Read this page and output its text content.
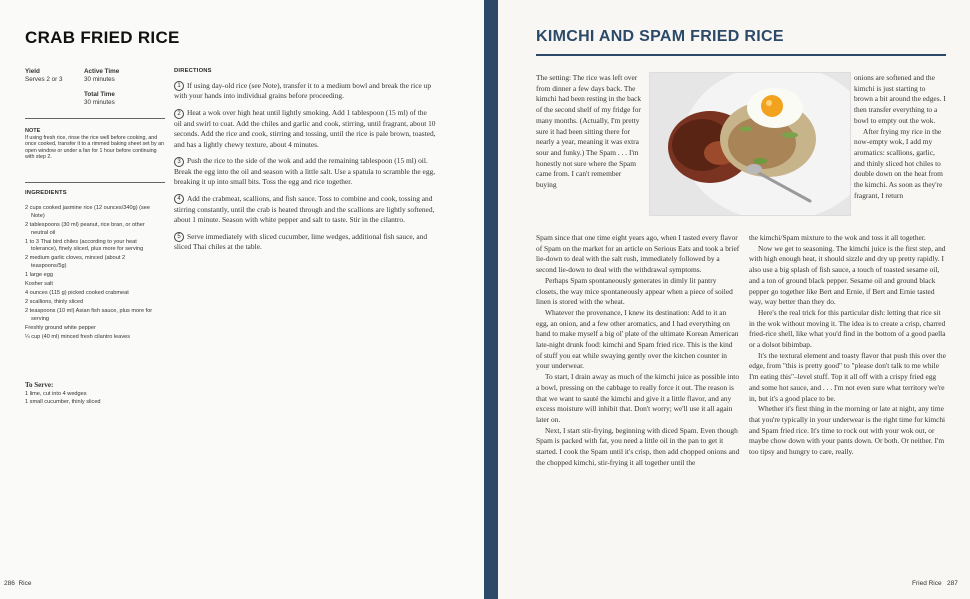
CRAB FRIED RICE
Yield
Serves 2 or 3
Active Time
30 minutes
Total Time
30 minutes
NOTE
If using fresh rice, rinse the rice well before cooking, and once cooked, transfer it to a rimmed baking sheet set by an open window or under a fan for 1 hour before continuing with step 2.
INGREDIENTS
2 cups cooked jasmine rice (12 ounces/340g) (see Note)
2 tablespoons (30 ml) peanut, rice bran, or other neutral oil
1 to 3 Thai bird chiles (according to your heat tolerance), finely sliced, plus more for serving
2 medium garlic cloves, minced (about 2 teaspoons/5g)
1 large egg
Kosher salt
4 ounces (115 g) picked cooked crabmeat
2 scallions, thinly sliced
2 teaspoons (10 ml) Asian fish sauce, plus more for serving
Freshly ground white pepper
¼ cup (40 ml) minced fresh cilantro leaves
To Serve:
1 lime, cut into 4 wedges
1 small cucumber, thinly sliced
DIRECTIONS
1 If using day-old rice (see Note), transfer it to a medium bowl and break the rice up with your hands into individual grains before proceeding.
2 Heat a wok over high heat until lightly smoking. Add 1 tablespoon (15 ml) of the oil and swirl to coat. Add the chiles and garlic and cook, stirring, until fragrant, about 10 seconds. Add the rice and cook, stirring and tossing, until the rice is pale brown, toasted, and has a lightly chewy texture, about 4 minutes.
3 Push the rice to the side of the wok and add the remaining tablespoon (15 ml) oil. Break the egg into the oil and season with a little salt. Use a spatula to scramble the egg, breaking it up into small bits. Toss the egg and rice together.
4 Add the crabmeat, scallions, and fish sauce. Toss to combine and cook, tossing and stirring constantly, until the crab is heated through and the scallions are lightly softened, about 1 minute. Season with white pepper and salt to taste. Stir in the cilantro.
5 Serve immediately with sliced cucumber, lime wedges, additional fish sauce, and sliced Thai chiles at the table.
286 Rice
KIMCHI AND SPAM FRIED RICE

The setting: The rice was left over from dinner a few days back. The kimchi had been resting in the back of the second shelf of my fridge for many months. (Actually, I'm pretty sure it had been sitting there for nearly a year, meaning it was extra sour and funky.) The Spam . . . I'm honestly not sure where the Spam came from. I can't remember buying

Spam since that one time eight years ago, when I tasted every flavor of Spam on the market for an article on Serious Eats and took a brief lie-down to deal with the salt rush, immediately followed by a second lie-down to deal with the withdrawal symptoms.

Perhaps Spam spontaneously generates in dimly lit pantry closets, the way mice spontaneously appear when a piece of soiled linen is stored with the wheat.

Whatever the provenance, I knew its destination: Add to it an egg, an onion, and a few other aromatics, and I had everything on hand to make myself a big ol' plate of the ultimate Korean American late-night drunk food: kimchi and Spam fried rice. This is the kind of stuff you eat while swaying gently over the kitchen counter in your underwear.

To start, I drain away as much of the kimchi juice as possible into a bowl, pressing on the cabbage to really force it out. The reason is that we want to sauté the kimchi and give it a little flavor, and any excess moisture will inhibit that. Don't worry; we'll use it all again later on.

Next, I start stir-frying, beginning with diced Spam. Even though Spam is packed with fat, you need a little oil in the pan to get it started. I cook the Spam until it's crisp, then add chopped onions and the chopped kimchi, stir-frying it all together until the

onions are softened and the kimchi is just starting to brown a bit around the edges. I then transfer everything to a bowl to empty out the wok.

After frying my rice in the now-empty wok, I add my aromatics: scallions, garlic, and thinly sliced hot chiles to double down on the heat from the kimchi. As soon as they're fragrant, I return

the kimchi/Spam mixture to the wok and toss it all together.

Now we get to seasoning. The kimchi juice is the first step, and with high enough heat, it should sizzle and dry up pretty rapidly. I also use a big splash of fish sauce, a touch of toasted sesame oil, and a ton of ground black pepper. Sesame oil and ground black pepper go together like Bert and Ernie, if Bert and Ernie tasted way, way better than they do.

Here's the real trick for this particular dish: letting that rice sit in the wok without moving it. The idea is to create a crisp, charred fried-rice shell, like what you'd find in the bottom of a good paella or a dolsot bibimbap.

It's the textural element and toasty flavor that push this over the edge, from "this is pretty good" to "please don't talk to me while I'm eating this"–level stuff. Top it all off with a crispy fried egg and some hot sauce, and . . . I'm not even sure what territory we're in, but it's a good place to be.

Whether it's first thing in the morning or late at night, any time that you're typically in your underwear is the right time for kimchi and Spam fried rice. It's time to rock out with your wok out, or maybe chow down with your pants down. Or both. Or neither. I'm too tipsy and hungry to care, really.

Fried Rice 287
